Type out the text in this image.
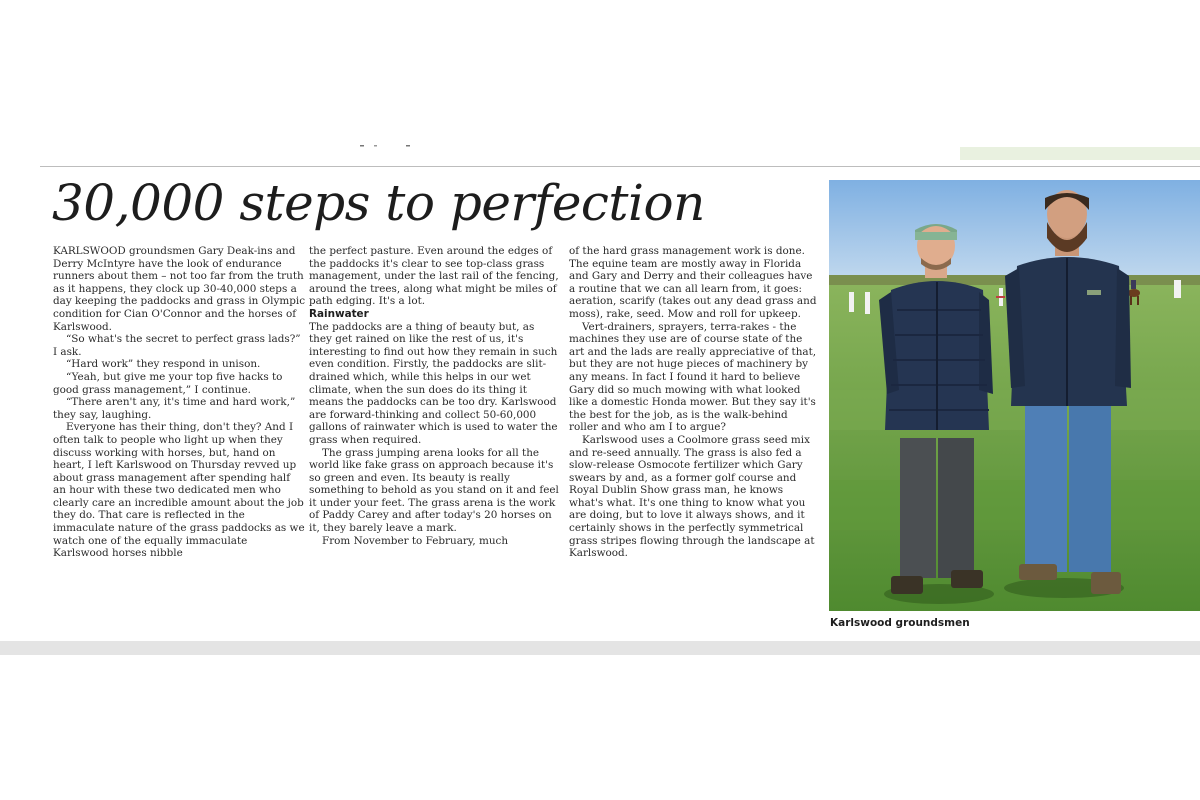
30,000 steps to perfection

KARLSWOOD groundsmen Gary Deak-ins and Derry McIntyre have the look of endurance runners about them – not too far from the truth as it happens, they clock up 30-40,000 steps a day keeping the paddocks and grass in Olympic condition for Cian O'Connor and the horses of Karlswood.

“So what's the secret to perfect grass lads?” I ask.

“Hard work” they respond in unison.

“Yeah, but give me your top five hacks to good grass management,” I continue.

“There aren't any, it's time and hard work,” they say, laughing.

Everyone has their thing, don't they? And I often talk to people who light up when they discuss working with horses, but, hand on heart, I left Karlswood on Thursday revved up about grass management after spending half an hour with these two dedicated men who clearly care an incredible amount about the job they do. That care is reflected in the immaculate nature of the grass paddocks as we watch one of the equally immaculate Karlswood horses nibble

the perfect pasture. Even around the edges of the paddocks it's clear to see top-class grass management, under the last rail of the fencing, around the trees, along what might be miles of path edging. It's a lot.

Rainwater

The paddocks are a thing of beauty but, as they get rained on like the rest of us, it's interesting to find out how they remain in such even condition. Firstly, the paddocks are slit-drained which, while this helps in our wet climate, when the sun does do its thing it means the paddocks can be too dry. Karlswood are forward-thinking and collect 50-60,000 gallons of rainwater which is used to water the grass when required.

The grass jumping arena looks for all the world like fake grass on approach because it's so green and even. Its beauty is really something to behold as you stand on it and feel it under your feet. The grass arena is the work of Paddy Carey and after today's 20 horses on it, they barely leave a mark.

From November to February, much

of the hard grass management work is done. The equine team are mostly away in Florida and Gary and Derry and their colleagues have a routine that we can all learn from, it goes: aeration, scarify (takes out any dead grass and moss), rake, seed. Mow and roll for upkeep.

Vert-drainers, sprayers, terra-rakes - the machines they use are of course state of the art and the lads are really appreciative of that, but they are not huge pieces of machinery by any means. In fact I found it hard to believe Gary did so much mowing with what looked like a domestic Honda mower. But they say it's the best for the job, as is the walk-behind roller and who am I to argue?

Karlswood uses a Coolmore grass seed mix and re-seed annually. The grass is also fed a slow-release Osmocote fertilizer which Gary swears by and, as a former golf course and Royal Dublin Show grass man, he knows what's what. It's one thing to know what you are doing, but to love it always shows, and it certainly shows in the perfectly symmetrical grass stripes flowing through the landscape at Karlswood.

Karlswood groundsmen
